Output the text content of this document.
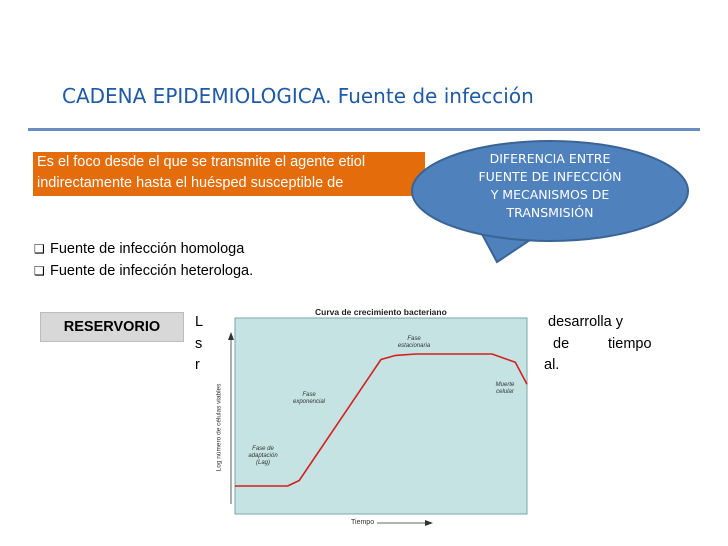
CADENA EPIDEMIOLOGICA. Fuente de infección
Es el foco desde el que se transmite el agente etiol
indirectamente hasta el huésped susceptible de
DIFERENCIA ENTRE
FUENTE DE INFECCIÓN
Y MECANISMOS DE
TRANSMISIÓN
❑ Fuente de infección homologa
❑ Fuente de infección heterologa.
RESERVORIO	L
s
r
desarrolla y
de	tiempo
al.
Curva de crecimiento bacteriano
Log número de células viables
Tiempo
Fase de
adaptación
(Lag)
Fase
exponencial
Fase
estacionaria
Muerte
celular
